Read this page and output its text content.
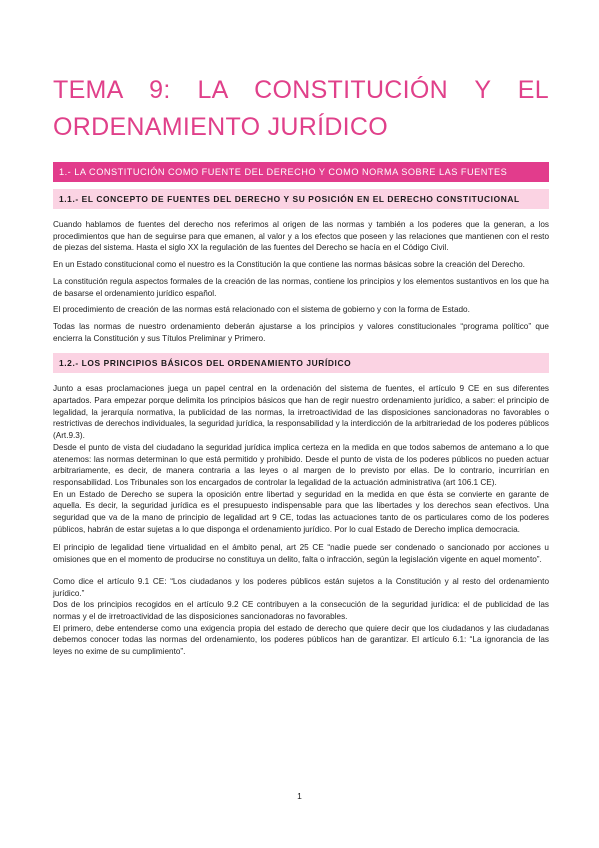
TEMA 9: LA CONSTITUCIÓN Y EL
ORDENAMIENTO JURÍDICO
1.- LA CONSTITUCIÓN COMO FUENTE DEL DERECHO Y COMO NORMA SOBRE LAS FUENTES
1.1.- EL CONCEPTO DE FUENTES DEL DERECHO Y SU POSICIÓN EN EL DERECHO CONSTITUCIONAL

Cuando hablamos de fuentes del derecho nos referimos al origen de las normas y también a los poderes que la generan, a los procedimientos que han de seguirse para que emanen, al valor y a los efectos que poseen y las relaciones que mantienen con el resto de piezas del sistema. Hasta el siglo XX la regulación de las fuentes del Derecho se hacía en el Código Civil.

En un Estado constitucional como el nuestro es la Constitución la que contiene las normas básicas sobre la creación del Derecho.

La constitución regula aspectos formales de la creación de las normas, contiene los principios y los elementos sustantivos en los que ha de basarse el ordenamiento jurídico español.

El procedimiento de creación de las normas está relacionado con el sistema de gobierno y con la forma de Estado.

Todas las normas de nuestro ordenamiento deberán ajustarse a los principios y valores constitucionales “programa político” que encierra la Constitución y sus Títulos Preliminar y Primero.

1.2.- LOS PRINCIPIOS BÁSICOS DEL ORDENAMIENTO JURÍDICO

Junto a esas proclamaciones juega un papel central en la ordenación del sistema de fuentes, el artículo 9 CE en sus diferentes apartados. Para empezar porque delimita los principios básicos que han de regir nuestro ordenamiento jurídico, a saber: el principio de legalidad, la jerarquía normativa, la publicidad de las normas, la irretroactividad de las disposiciones sancionadoras no favorables o restrictivas de derechos individuales, la seguridad jurídica, la responsabilidad y la interdicción de la arbitrariedad de los poderes públicos (Art.9.3).

Desde el punto de vista del ciudadano la seguridad jurídica implica certeza en la medida en que todos sabemos de antemano a lo que atenemos: las normas determinan lo que está permitido y prohibido. Desde el punto de vista de los poderes públicos no pueden actuar arbitrariamente, es decir, de manera contraria a las leyes o al margen de lo previsto por ellas. De lo contrario, incurrirían en responsabilidad. Los Tribunales son los encargados de controlar la legalidad de la actuación administrativa (art 106.1 CE).

En un Estado de Derecho se supera la oposición entre libertad y seguridad en la medida en que ésta se convierte en garante de aquella. Es decir, la seguridad jurídica es el presupuesto indispensable para que las libertades y los derechos sean efectivos. Una seguridad que va de la mano de principio de legalidad art 9 CE, todas las actuaciones tanto de os particulares como de los poderes públicos, habrán de estar sujetas a lo que disponga el ordenamiento jurídico. Por lo cual Estado de Derecho implica democracia.

El principio de legalidad tiene virtualidad en el ámbito penal, art 25 CE “nadie puede ser condenado o sancionado por acciones u omisiones que en el momento de producirse no constituya un delito, falta o infracción, según la legislación vigente en aquel momento”.

Como dice el artículo 9.1 CE: “Los ciudadanos y los poderes públicos están sujetos a la Constitución y al resto del ordenamiento jurídico.”

Dos de los principios recogidos en el artículo 9.2 CE contribuyen a la consecución de la seguridad jurídica: el de publicidad de las normas y el de irretroactividad de las disposiciones sancionadoras no favorables.

El primero, debe entenderse como una exigencia propia del estado de derecho que quiere decir que los ciudadanos y las ciudadanas debemos conocer todas las normas del ordenamiento, los poderes públicos han de garantizar. El artículo 6.1: “La ignorancia de las leyes no exime de su cumplimiento”.

1
